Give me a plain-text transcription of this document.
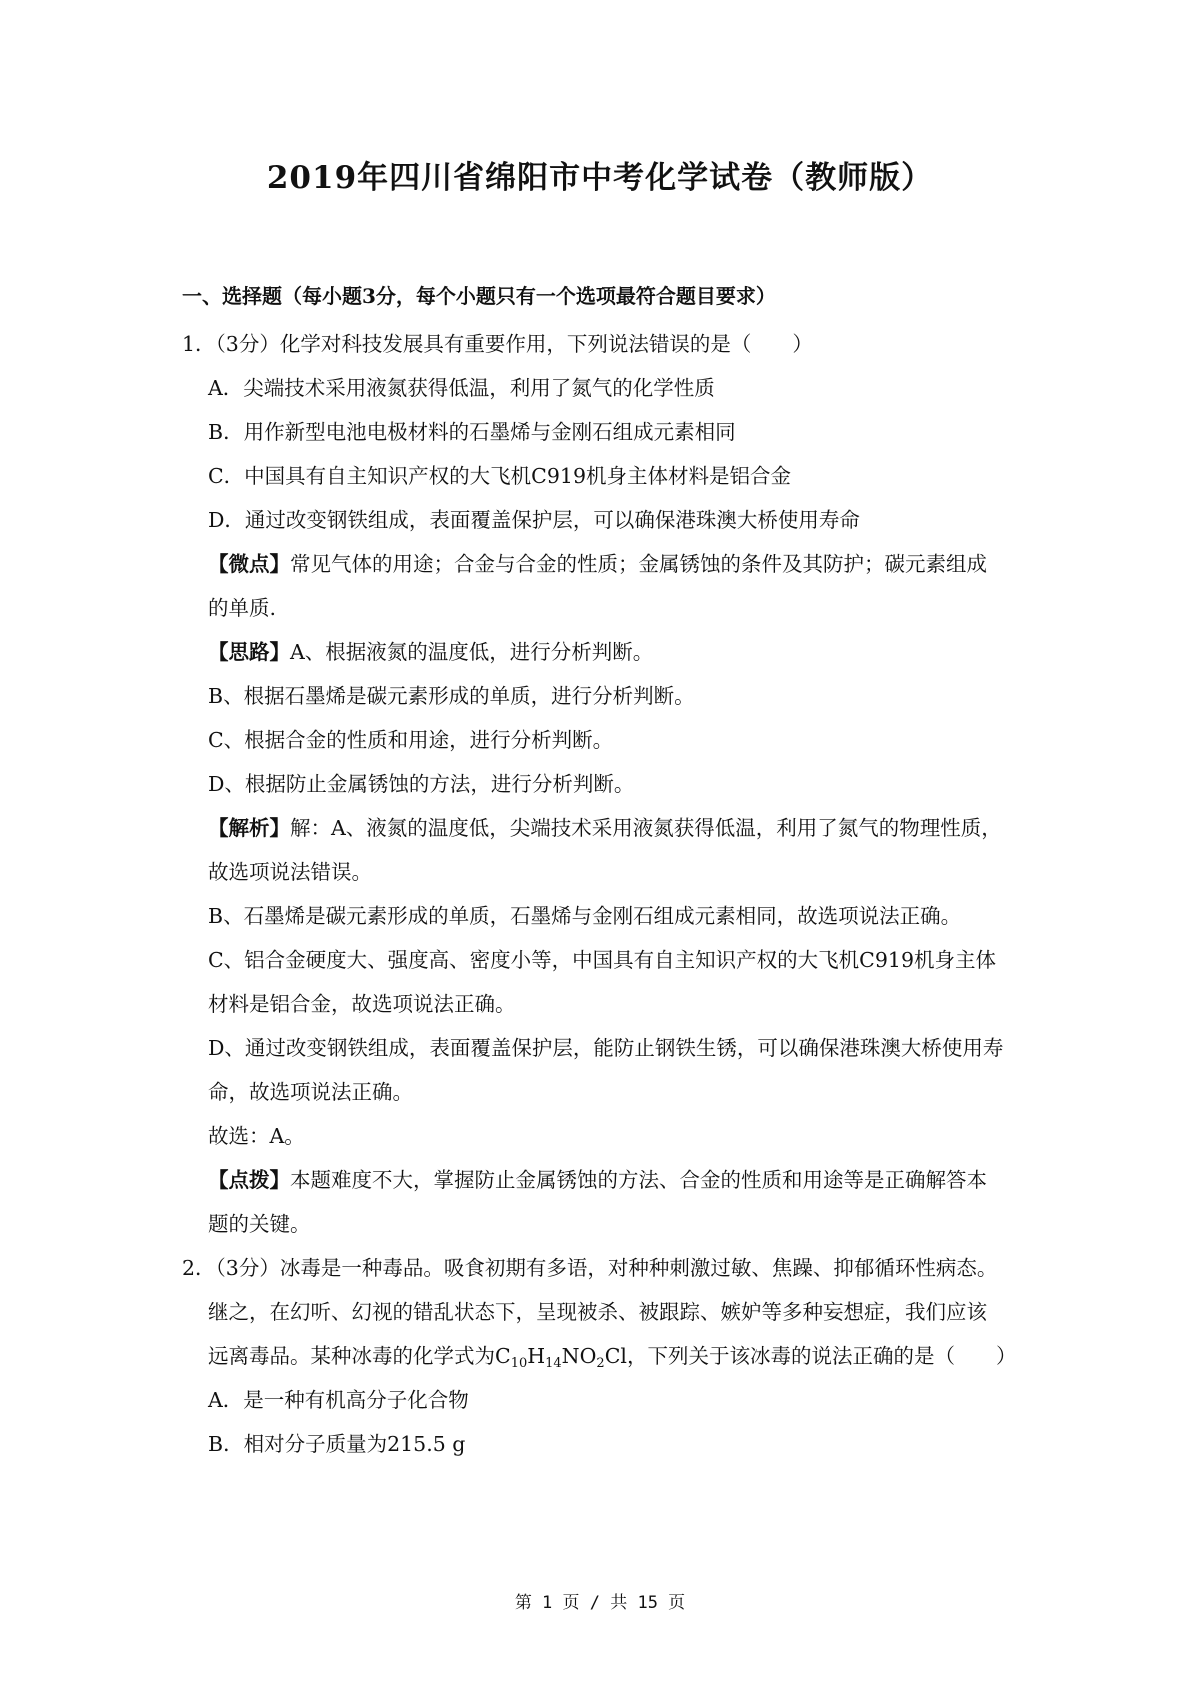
2019年四川省绵阳市中考化学试卷（教师版）
一、选择题（每小题3分，每个小题只有一个选项最符合题目要求）
1．（3分）化学对科技发展具有重要作用，下列说法错误的是（　　）
A．尖端技术采用液氮获得低温，利用了氮气的化学性质
B．用作新型电池电极材料的石墨烯与金刚石组成元素相同
C．中国具有自主知识产权的大飞机C919机身主体材料是铝合金
D．通过改变钢铁组成，表面覆盖保护层，可以确保港珠澳大桥使用寿命
【微点】常见气体的用途；合金与合金的性质；金属锈蚀的条件及其防护；碳元素组成
的单质.
【思路】A、根据液氮的温度低，进行分析判断。
B、根据石墨烯是碳元素形成的单质，进行分析判断。
C、根据合金的性质和用途，进行分析判断。
D、根据防止金属锈蚀的方法，进行分析判断。
【解析】解：A、液氮的温度低，尖端技术采用液氮获得低温，利用了氮气的物理性质，
故选项说法错误。
B、石墨烯是碳元素形成的单质，石墨烯与金刚石组成元素相同，故选项说法正确。
C、铝合金硬度大、强度高、密度小等，中国具有自主知识产权的大飞机C919机身主体
材料是铝合金，故选项说法正确。
D、通过改变钢铁组成，表面覆盖保护层，能防止钢铁生锈，可以确保港珠澳大桥使用寿
命，故选项说法正确。
故选：A。
【点拨】本题难度不大，掌握防止金属锈蚀的方法、合金的性质和用途等是正确解答本
题的关键。
2．（3分）冰毒是一种毒品。吸食初期有多语，对种种刺激过敏、焦躁、抑郁循环性病态。
继之，在幻听、幻视的错乱状态下，呈现被杀、被跟踪、嫉妒等多种妄想症，我们应该
远离毒品。某种冰毒的化学式为$C_{10}H_{14}NO_2Cl$，下列关于该冰毒的说法正确的是（　　）
A．是一种有机高分子化合物
B．相对分子质量为215.5 g
第 1 页 / 共 15 页
